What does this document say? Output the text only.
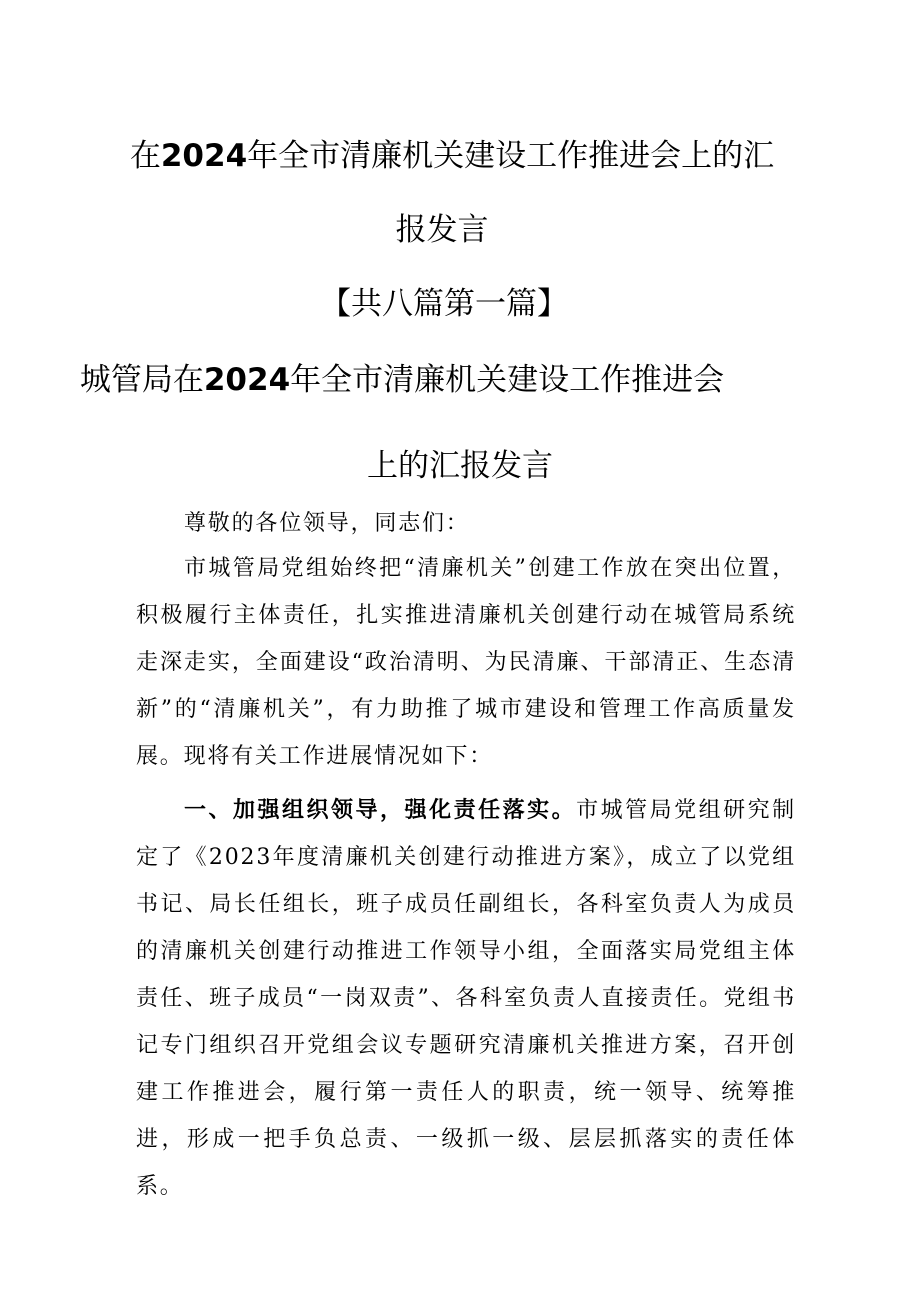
在2024年全市清廉机关建设工作推进会上的汇
报发言
【共八篇第一篇】
城管局在2024年全市清廉机关建设工作推进会
上的汇报发言
尊敬的各位领导，同志们：
市城管局党组始终把“清廉机关”创建工作放在突出位置，积极履行主体责任，扎实推进清廉机关创建行动在城管局系统走深走实，全面建设“政治清明、为民清廉、干部清正、生态清新”的“清廉机关”，有力助推了城市建设和管理工作高质量发展。现将有关工作进展情况如下：
一、加强组织领导，强化责任落实。市城管局党组研究制定了《2023年度清廉机关创建行动推进方案》，成立了以党组书记、局长任组长，班子成员任副组长，各科室负责人为成员的清廉机关创建行动推进工作领导小组，全面落实局党组主体责任、班子成员“一岗双责”、各科室负责人直接责任。党组书记专门组织召开党组会议专题研究清廉机关推进方案，召开创建工作推进会，履行第一责任人的职责，统一领导、统筹推进，形成一把手负总责、一级抓一级、层层抓落实的责任体系。
